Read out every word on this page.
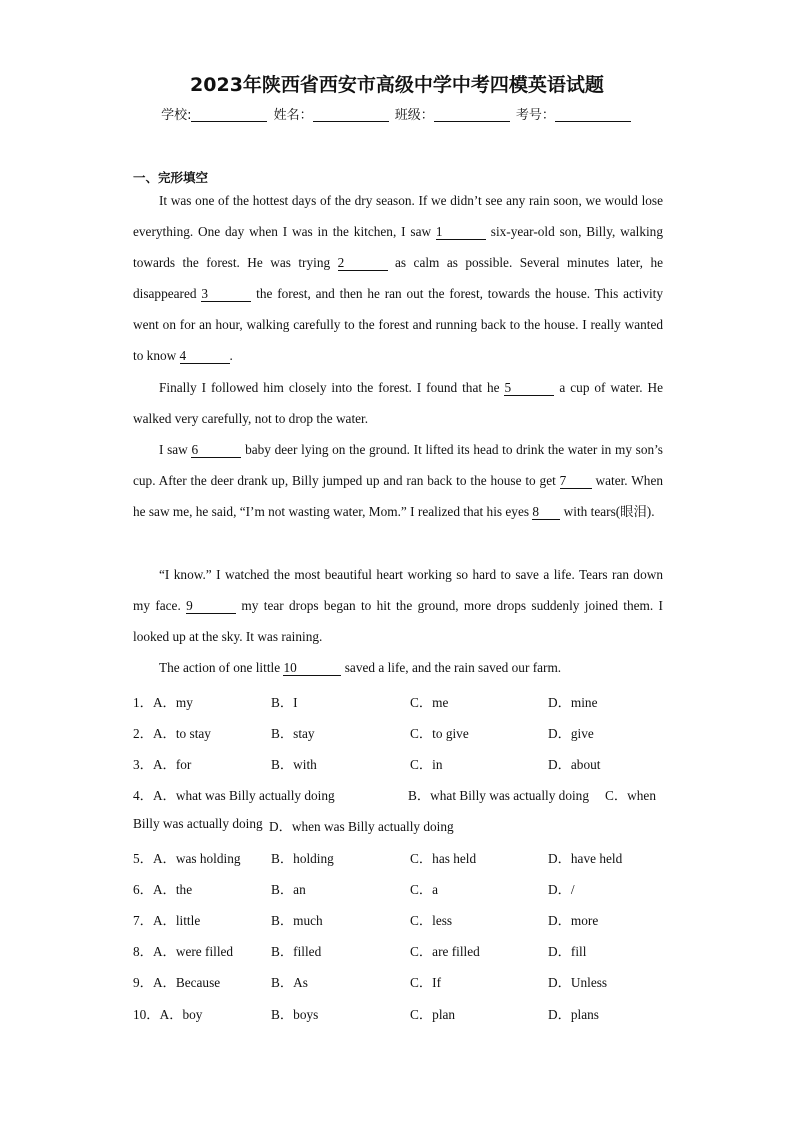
2023年陕西省西安市高级中学中考四模英语试题
学校:	姓名：	班级：	考号：
一、完形填空
It was one of the hottest days of the dry season. If we didn’t see any rain soon, we would lose everything. One day when I was in the kitchen, I saw 1	six-year-old son, Billy, walking towards the forest. He was trying 2	as calm as possible. Several minutes later, he disappeared 3	the forest, and then he ran out the forest, towards the house. This activity went on for an hour, walking carefully to the forest and running back to the house. I really wanted to know 4	.
Finally I followed him closely into the forest. I found that he 5	a cup of water. He walked very carefully, not to drop the water.
I saw 6	baby deer lying on the ground. It lifted its head to drink the water in my son’s cup. After the deer drank up, Billy jumped up and ran back to the house to get 7 water. When he saw me, he said, “I’m not wasting water, Mom.” I realized that his eyes 8 with tears(眼泪).
“I know.” I watched the most beautiful heart working so hard to save a life. Tears ran down my face. 9	my tear drops began to hit the ground, more drops suddenly joined them. I looked up at the sky. It was raining.
The action of one little 10	saved a life, and the rain saved our farm.
1．A．my	B．I	C．me	D．mine
2．A．to stay	B．stay	C．to give	D．give
3．A．for	B．with	C．in	D．about
4．A．what was Billy actually doing	B．what Billy was actually doing C．when
Billy was actually doing D．when was Billy actually doing
5．A．was holding B．holding	C．has held	D．have held
6．A．the	B．an	C．a	D．/
7．A．little	B．much	C．less	D．more
8．A．were filled	B．filled	C．are filled	D．fill
9．A．Because	B．As	C．If	D．Unless
10．A．boy	B．boys	C．plan	D．plans
